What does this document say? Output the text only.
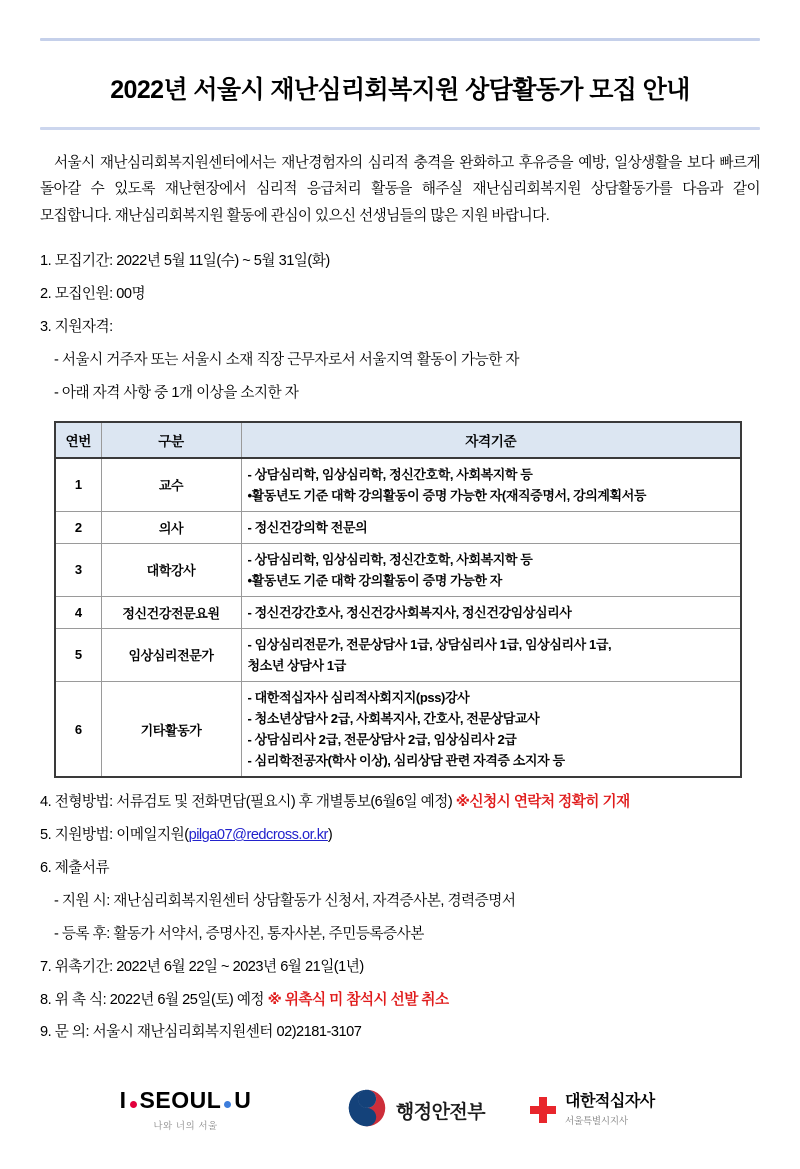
2022년 서울시 재난심리회복지원 상담활동가 모집 안내

서울시 재난심리회복지원센터에서는 재난경험자의 심리적 충격을 완화하고 후유증을 예방, 일상생활을 보다 빠르게 돌아갈 수 있도록 재난현장에서 심리적 응급처리 활동을 해주실 재난심리회복지원 상담활동가를 다음과 같이 모집합니다. 재난심리회복지원 활동에 관심이 있으신 선생님들의 많은 지원 바랍니다.

1. 모집기간: 2022년 5월 11일(수) ~ 5월 31일(화)
2. 모집인원: 00명
3. 지원자격:
- 서울시 거주자 또는 서울시 소재 직장 근무자로서 서울지역 활동이 가능한 자
- 아래 자격 사항 중 1개 이상을 소지한 자
연번	구분	자격기준
1	교수	- 상담심리학, 임상심리학, 정신간호학, 사회복지학 등
•활동년도 기준 대학 강의활동이 증명 가능한 자(재직증명서, 강의계획서등

2	의사	- 정신건강의학 전문의

3	대학강사	- 상담심리학, 임상심리학, 정신간호학, 사회복지학 등
•활동년도 기준 대학 강의활동이 증명 가능한 자

4	정신건강전문요원	- 정신건강간호사, 정신건강사회복지사, 정신건강임상심리사

5	임상심리전문가	- 임상심리전문가, 전문상담사 1급, 상담심리사 1급, 임상심리사 1급,
청소년 상담사 1급

6	기타활동가	- 대한적십자사 심리적사회지지(pss)강사
- 청소년상담사 2급, 사회복지사, 간호사, 전문상담교사
- 상담심리사 2급, 전문상담사 2급, 임상심리사 2급
- 심리학전공자(학사 이상), 심리상담 관련 자격증 소지자 등
4. 전형방법: 서류검토 및 전화면담(필요시) 후 개별통보(6월6일 예정) ※신청시 연락처 정확히 기재
5. 지원방법: 이메일지원(pilga07@redcross.or.kr)
6. 제출서류
- 지원 시: 재난심리회복지원센터 상담활동가 신청서, 자격증사본, 경력증명서
- 등록 후: 활동가 서약서, 증명사진, 통자사본, 주민등록증사본
7. 위촉기간: 2022년 6월 22일 ~ 2023년 6월 21일(1년)
8. 위 촉 식: 2022년 6월 25일(토) 예정 ※ 위촉식 미 참석시 선발 취소
9. 문 의: 서울시 재난심리회복지원센터 02)2181-3107
I SEOUL U
나와 너의 서울
행정안전부
대한적십자사
서울특별시지사
